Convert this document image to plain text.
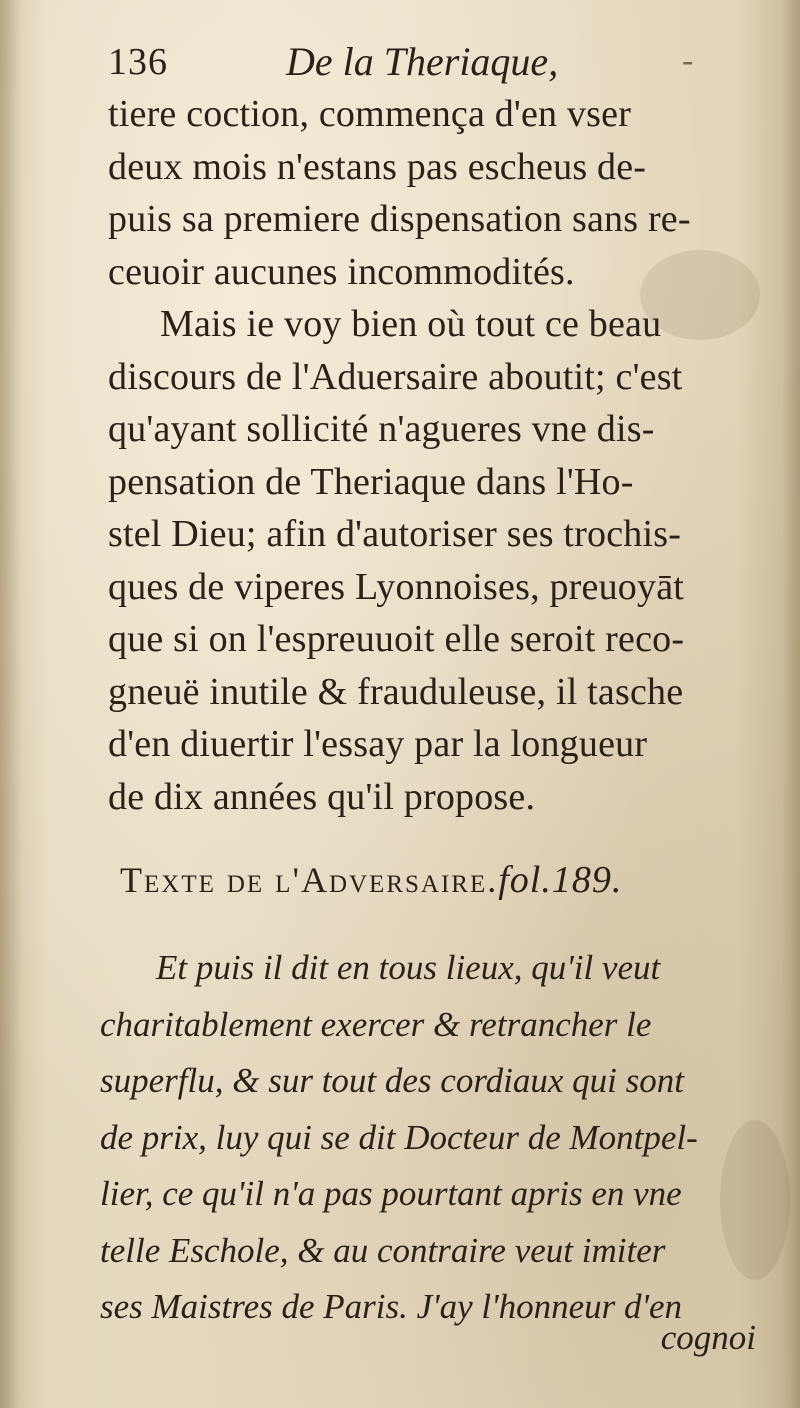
136	De la Theriaque,	-
tiere coction, commença d'en vser
deux mois n'estans pas escheus de-
puis sa premiere dispensation sans re-
ceuoir aucunes incommodités.
Mais ie voy bien où tout ce beau
discours de l'Aduersaire aboutit; c'est
qu'ayant sollicité n'agueres vne dis-
pensation de Theriaque dans l'Ho-
stel Dieu; afin d'autoriser ses trochis-
ques de viperes Lyonnoises, preuoyāt
que si on l'espreuuoit elle seroit reco-
gneuë inutile & frauduleuse, il tasche
d'en diuertir l'essay par la longueur
de dix années qu'il propose.
Texte de l'Adversaire.fol.189.
Et puis il dit en tous lieux, qu'il veut
charitablement exercer & retrancher le
superflu, & sur tout des cordiaux qui sont
de prix, luy qui se dit Docteur de Montpel-
lier, ce qu'il n'a pas pourtant apris en vne
telle Eschole, & au contraire veut imiter
ses Maistres de Paris. J'ay l'honneur d'en
cognoi
